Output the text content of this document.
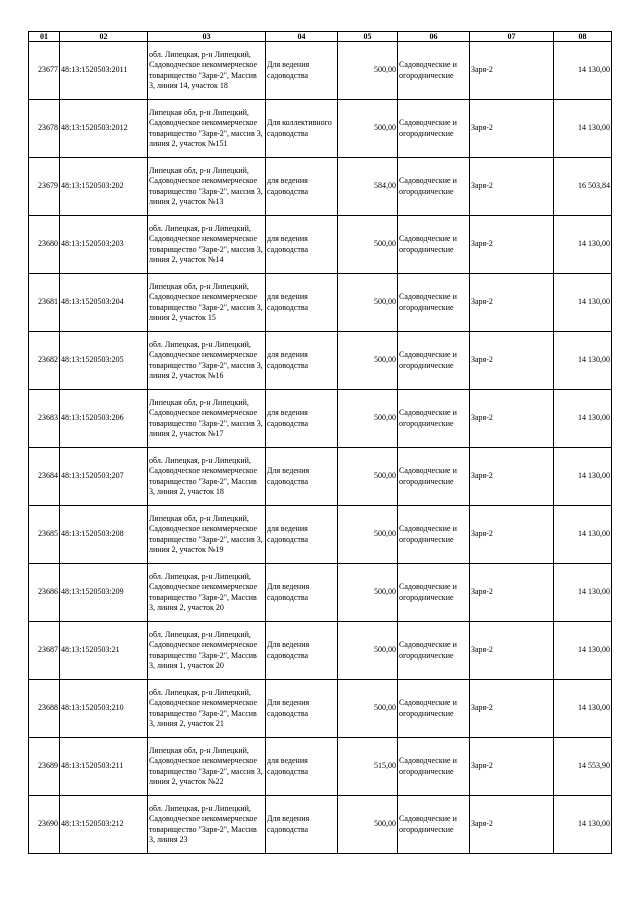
01	02	03	04	05	06	07	08
23677	48:13:1520503:2011	обл. Липецкая, р-н Липецкий, Садоводческое некоммерческое товарищество "Заря-2", Массив 3, линия 14, участок 18	Для ведения садоводства	500,00	Садоводческие и огороднические	Заря-2	14 130,00
23678	48:13:1520503:2012	Липецкая обл, р-н Липецкий, Садоводческое некоммерческое товарищество "Заря-2", массив 3, линия 2, участок №151	Для коллективного садоводства	500,00	Садоводческие и огороднические	Заря-2	14 130,00
23679	48:13:1520503:202	Липецкая обл, р-н Липецкий, Садоводческое некоммерческое товарищество "Заря-2", массив 3, линия 2, участок №13	для ведения садоводства	584,00	Садоводческие и огороднические	Заря-2	16 503,84
23680	48:13:1520503:203	обл. Липецкая, р-н Липецкий, Садоводческое некоммерческое товарищество "Заря-2", массив 3, линия 2, участок №14	для ведения садоводства	500,00	Садоводческие и огороднические	Заря-2	14 130,00
23681	48:13:1520503:204	Липецкая обл, р-н Липецкий, Садоводческое некоммерческое товарищество "Заря-2", массив 3, линия 2, участок 15	для ведения садоводства	500,00	Садоводческие и огороднические	Заря-2	14 130,00
23682	48:13:1520503:205	обл. Липецкая, р-н Липецкий, Садоводческое некоммерческое товарищество "Заря-2", массив 3, линия 2, участок №16	для ведения садоводства	500,00	Садоводческие и огороднические	Заря-2	14 130,00
23683	48:13:1520503:206	Липецкая обл, р-н Липецкий, Садоводческое некоммерческое товарищество "Заря-2", массив 3, линия 2, участок №17	для ведения садоводства	500,00	Садоводческие и огороднические	Заря-2	14 130,00
23684	48:13:1520503:207	обл. Липецкая, р-н Липецкий, Садоводческое некоммерческое товарищество "Заря-2", Массив 3, линия 2, участок 18	Для ведения садоводства	500,00	Садоводческие и огороднические	Заря-2	14 130,00
23685	48:13:1520503:208	Липецкая обл, р-н Липецкий, Садоводческое некоммерческое товарищество "Заря-2", массив 3, линия 2, участок №19	для ведения садоводства	500,00	Садоводческие и огороднические	Заря-2	14 130,00
23686	48:13:1520503:209	обл. Липецкая, р-н Липецкий, Садоводческое некоммерческое товарищество "Заря-2", Массив 3, линия 2, участок 20	Для ведения садоводства	500,00	Садоводческие и огороднические	Заря-2	14 130,00
23687	48:13:1520503:21	обл. Липецкая, р-н Липецкий, Садоводческое некоммерческое товарищество "Заря-2", Массив 3, линия 1, участок 20	Для ведения садоводства	500,00	Садоводческие и огороднические	Заря-2	14 130,00
23688	48:13:1520503:210	обл. Липецкая, р-н Липецкий, Садоводческое некоммерческое товарищество "Заря-2", Массив 3, линия 2, участок 21	Для ведения садоводства	500,00	Садоводческие и огороднические	Заря-2	14 130,00
23689	48:13:1520503:211	Липецкая обл, р-н Липецкий, Садоводческое некоммерческое товарищество "Заря-2", массив 3, линия 2, участок №22	для ведения садоводства	515,00	Садоводческие и огороднические	Заря-2	14 553,90
23690	48:13:1520503:212	обл. Липецкая, р-н Липецкий, Садоводческое некоммерческое товарищество "Заря-2", Массив 3, линия 23	Для ведения садоводства	500,00	Садоводческие и огороднические	Заря-2	14 130,00
